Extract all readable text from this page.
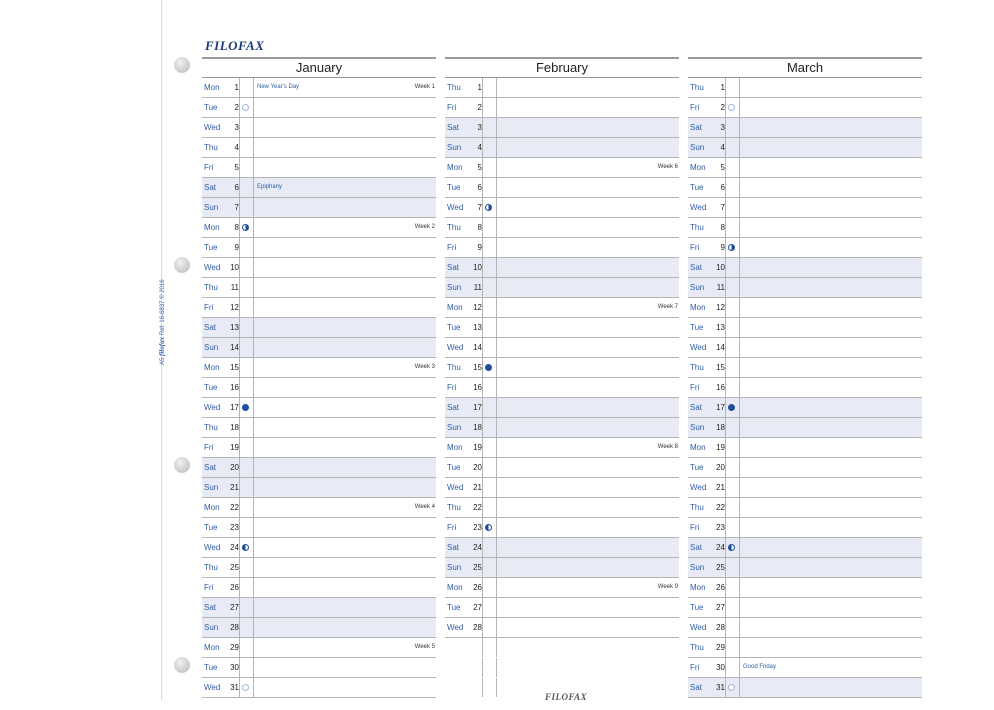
FILOFAX
A5 filofax Ref: 16-6837 © 2016
January
Mon	1	New Year's Day	Week 1
Tue	2
Wed	3
Thu	4
Fri	5
Sat	6	Epiphany
Sun	7
Mon	8	Week 2
Tue	9
Wed	10
Thu	11
Fri	12
Sat	13
Sun	14
Mon	15	Week 3
Tue	16
Wed	17
Thu	18
Fri	19
Sat	20
Sun	21
Mon	22	Week 4
Tue	23
Wed	24
Thu	25
Fri	26
Sat	27
Sun	28
Mon	29	Week 5
Tue	30
Wed	31
February
Thu	1
Fri	2
Sat	3
Sun	4
Mon	5	Week 6
Tue	6
Wed	7
Thu	8
Fri	9
Sat	10
Sun	11
Mon	12	Week 7
Tue	13
Wed	14
Thu	15
Fri	16
Sat	17
Sun	18
Mon	19	Week 8
Tue	20
Wed	21
Thu	22
Fri	23
Sat	24
Sun	25
Mon	26	Week 9
Tue	27
Wed	28
March
Thu	1
Fri	2
Sat	3
Sun	4
Mon	5
Tue	6
Wed	7
Thu	8
Fri	9
Sat	10
Sun	11
Mon	12
Tue	13
Wed	14
Thu	15
Fri	16
Sat	17
Sun	18
Mon	19
Tue	20
Wed	21
Thu	22
Fri	23
Sat	24
Sun	25
Mon	26
Tue	27
Wed	28
Thu	29
Fri	30	Good Friday
Sat	31
FILOFAX
